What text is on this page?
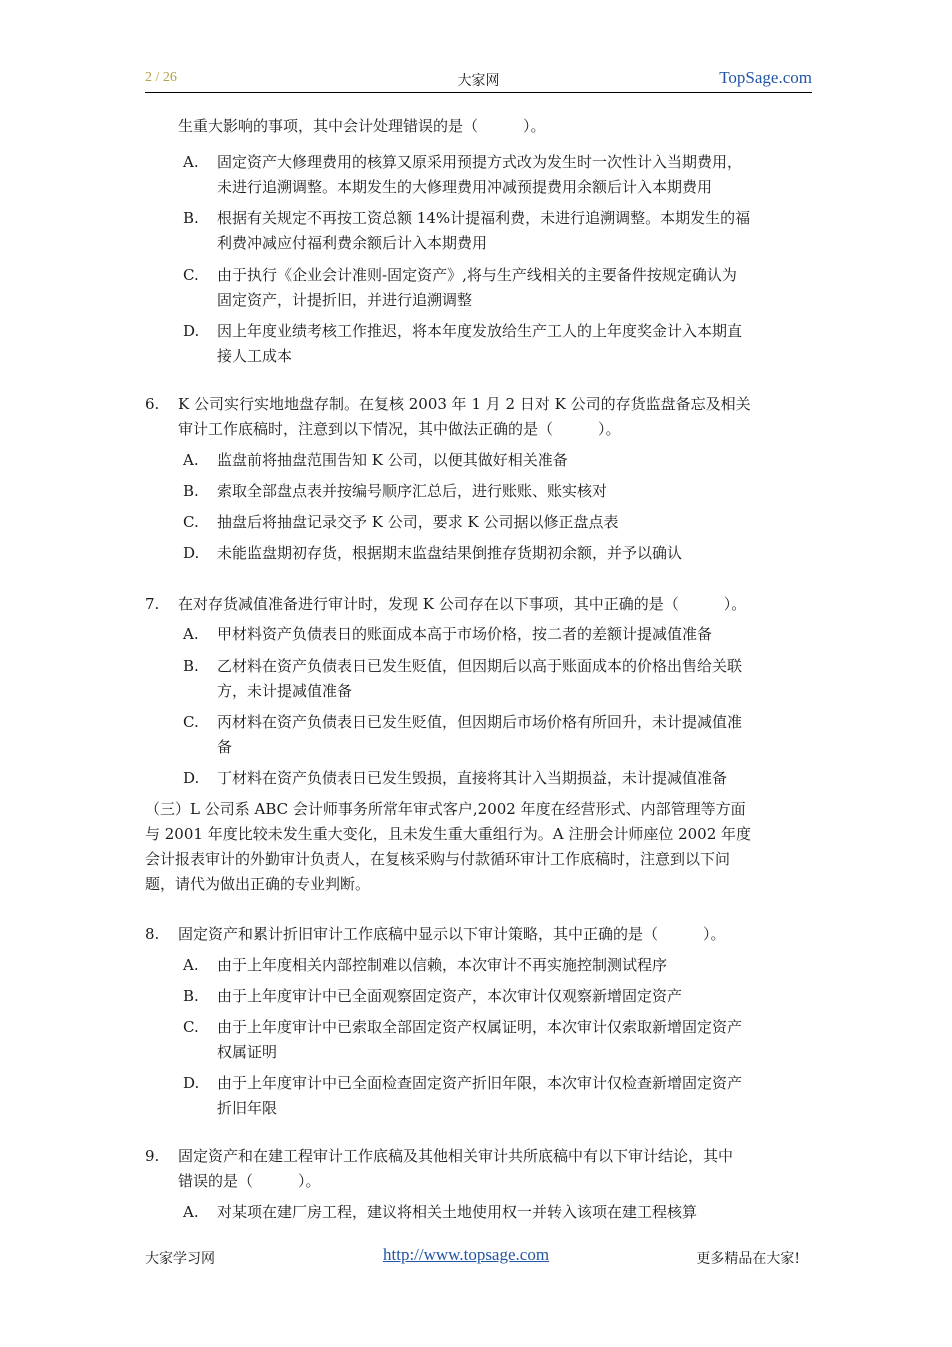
2 / 26	大家网	TopSage.com
生重大影响的事项，其中会计处理错误的是（　　　）。
A.	固定资产大修理费用的核算又原采用预提方式改为发生时一次性计入当期费用，
未进行追溯调整。本期发生的大修理费用冲减预提费用余额后计入本期费用
B.	根据有关规定不再按工资总额 14%计提福利费，未进行追溯调整。本期发生的福
利费冲减应付福利费余额后计入本期费用
C.	由于执行《企业会计准则-固定资产》,将与生产线相关的主要备件按规定确认为
固定资产，计提折旧，并进行追溯调整
D.	因上年度业绩考核工作推迟，将本年度发放给生产工人的上年度奖金计入本期直
接人工成本
6.	K 公司实行实地地盘存制。在复核 2003 年 1 月 2 日对 K 公司的存货监盘备忘及相关
审计工作底稿时，注意到以下情况，其中做法正确的是（　　　）。
A.	监盘前将抽盘范围告知 K 公司，以便其做好相关准备
B.	索取全部盘点表并按编号顺序汇总后，进行账账、账实核对
C.	抽盘后将抽盘记录交予 K 公司，要求 K 公司据以修正盘点表
D.	未能监盘期初存货，根据期末监盘结果倒推存货期初余额，并予以确认
7.	在对存货减值准备进行审计时，发现 K 公司存在以下事项，其中正确的是（　　　）。
A.	甲材料资产负债表日的账面成本高于市场价格，按二者的差额计提减值准备
B.	乙材料在资产负债表日已发生贬值，但因期后以高于账面成本的价格出售给关联
方，未计提减值准备
C.	丙材料在资产负债表日已发生贬值，但因期后市场价格有所回升，未计提减值准
备
D.	丁材料在资产负债表日已发生毁损，直接将其计入当期损益，未计提减值准备
（三）L 公司系 ABC 会计师事务所常年审式客户,2002 年度在经营形式、内部管理等方面
与 2001 年度比较未发生重大变化，且未发生重大重组行为。A 注册会计师座位 2002 年度
会计报表审计的外勤审计负责人，在复核采购与付款循环审计工作底稿时，注意到以下问
题，请代为做出正确的专业判断。
8.	固定资产和累计折旧审计工作底稿中显示以下审计策略，其中正确的是（　　　）。
A.	由于上年度相关内部控制难以信赖，本次审计不再实施控制测试程序
B.	由于上年度审计中已全面观察固定资产，本次审计仅观察新增固定资产
C.	由于上年度审计中已索取全部固定资产权属证明，本次审计仅索取新增固定资产
权属证明
D.	由于上年度审计中已全面检查固定资产折旧年限，本次审计仅检查新增固定资产
折旧年限
9.	固定资产和在建工程审计工作底稿及其他相关审计共所底稿中有以下审计结论，其中
错误的是（　　　）。
A.	对某项在建厂房工程，建议将相关土地使用权一并转入该项在建工程核算
大家学习网	http://www.topsage.com	更多精品在大家!
